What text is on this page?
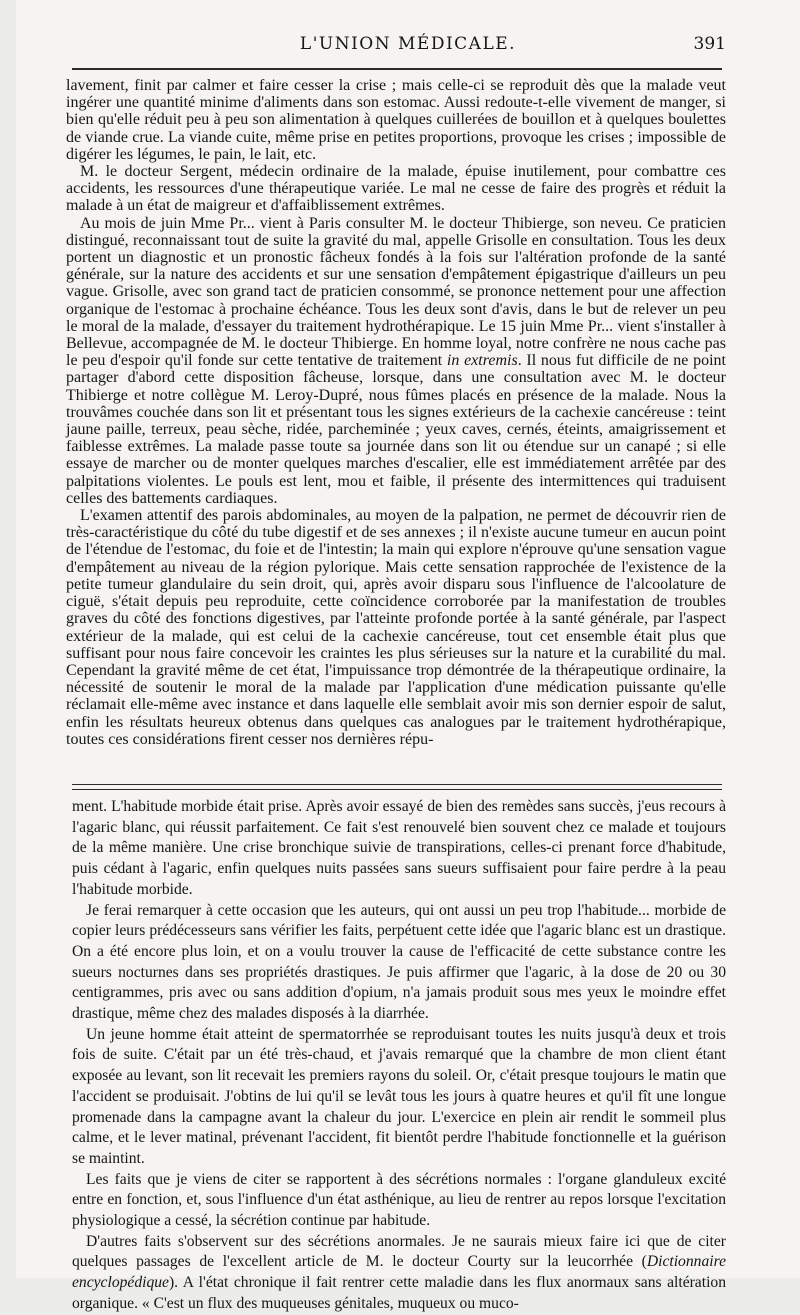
L'UNION MÉDICALE.	391

lavement, finit par calmer et faire cesser la crise ; mais celle-ci se reproduit dès que la malade veut ingérer une quantité minime d'aliments dans son estomac. Aussi redoute-t-elle vivement de manger, si bien qu'elle réduit peu à peu son alimentation à quelques cuillerées de bouillon et à quelques boulettes de viande crue. La viande cuite, même prise en petites proportions, provoque les crises ; impossible de digérer les légumes, le pain, le lait, etc.

M. le docteur Sergent, médecin ordinaire de la malade, épuise inutilement, pour combattre ces accidents, les ressources d'une thérapeutique variée. Le mal ne cesse de faire des progrès et réduit la malade à un état de maigreur et d'affaiblissement extrêmes.

Au mois de juin Mme Pr... vient à Paris consulter M. le docteur Thibierge, son neveu. Ce praticien distingué, reconnaissant tout de suite la gravité du mal, appelle Grisolle en consultation. Tous les deux portent un diagnostic et un pronostic fâcheux fondés à la fois sur l'altération profonde de la santé générale, sur la nature des accidents et sur une sensation d'empâtement épigastrique d'ailleurs un peu vague. Grisolle, avec son grand tact de praticien consommé, se prononce nettement pour une affection organique de l'estomac à prochaine échéance. Tous les deux sont d'avis, dans le but de relever un peu le moral de la malade, d'essayer du traitement hydrothérapique. Le 15 juin Mme Pr... vient s'installer à Bellevue, accompagnée de M. le docteur Thibierge. En homme loyal, notre confrère ne nous cache pas le peu d'espoir qu'il fonde sur cette tentative de traitement in extremis. Il nous fut difficile de ne point partager d'abord cette disposition fâcheuse, lorsque, dans une consultation avec M. le docteur Thibierge et notre collègue M. Leroy-Dupré, nous fûmes placés en présence de la malade. Nous la trouvâmes couchée dans son lit et présentant tous les signes extérieurs de la cachexie cancéreuse : teint jaune paille, terreux, peau sèche, ridée, parcheminée ; yeux caves, cernés, éteints, amaigrissement et faiblesse extrêmes. La malade passe toute sa journée dans son lit ou étendue sur un canapé ; si elle essaye de marcher ou de monter quelques marches d'escalier, elle est immédiatement arrêtée par des palpitations violentes. Le pouls est lent, mou et faible, il présente des intermittences qui traduisent celles des battements cardiaques.

L'examen attentif des parois abdominales, au moyen de la palpation, ne permet de découvrir rien de très-caractéristique du côté du tube digestif et de ses annexes ; il n'existe aucune tumeur en aucun point de l'étendue de l'estomac, du foie et de l'intestin; la main qui explore n'éprouve qu'une sensation vague d'empâtement au niveau de la région pylorique. Mais cette sensation rapprochée de l'existence de la petite tumeur glandulaire du sein droit, qui, après avoir disparu sous l'influence de l'alcoolature de ciguë, s'était depuis peu reproduite, cette coïncidence corroborée par la manifestation de troubles graves du côté des fonctions digestives, par l'atteinte profonde portée à la santé générale, par l'aspect extérieur de la malade, qui est celui de la cachexie cancéreuse, tout cet ensemble était plus que suffisant pour nous faire concevoir les craintes les plus sérieuses sur la nature et la curabilité du mal. Cependant la gravité même de cet état, l'impuissance trop démontrée de la thérapeutique ordinaire, la nécessité de soutenir le moral de la malade par l'application d'une médication puissante qu'elle réclamait elle-même avec instance et dans laquelle elle semblait avoir mis son dernier espoir de salut, enfin les résultats heureux obtenus dans quelques cas analogues par le traitement hydrothérapique, toutes ces considérations firent cesser nos dernières répu-

ment. L'habitude morbide était prise. Après avoir essayé de bien des remèdes sans succès, j'eus recours à l'agaric blanc, qui réussit parfaitement. Ce fait s'est renouvelé bien souvent chez ce malade et toujours de la même manière. Une crise bronchique suivie de transpirations, celles-ci prenant force d'habitude, puis cédant à l'agaric, enfin quelques nuits passées sans sueurs suffisaient pour faire perdre à la peau l'habitude morbide.

Je ferai remarquer à cette occasion que les auteurs, qui ont aussi un peu trop l'habitude... morbide de copier leurs prédécesseurs sans vérifier les faits, perpétuent cette idée que l'agaric blanc est un drastique. On a été encore plus loin, et on a voulu trouver la cause de l'efficacité de cette substance contre les sueurs nocturnes dans ses propriétés drastiques. Je puis affirmer que l'agaric, à la dose de 20 ou 30 centigrammes, pris avec ou sans addition d'opium, n'a jamais produit sous mes yeux le moindre effet drastique, même chez des malades disposés à la diarrhée.

Un jeune homme était atteint de spermatorrhée se reproduisant toutes les nuits jusqu'à deux et trois fois de suite. C'était par un été très-chaud, et j'avais remarqué que la chambre de mon client étant exposée au levant, son lit recevait les premiers rayons du soleil. Or, c'était presque toujours le matin que l'accident se produisait. J'obtins de lui qu'il se levât tous les jours à quatre heures et qu'il fît une longue promenade dans la campagne avant la chaleur du jour. L'exercice en plein air rendit le sommeil plus calme, et le lever matinal, prévenant l'accident, fit bientôt perdre l'habitude fonctionnelle et la guérison se maintint.

Les faits que je viens de citer se rapportent à des sécrétions normales : l'organe glanduleux excité entre en fonction, et, sous l'influence d'un état asthénique, au lieu de rentrer au repos lorsque l'excitation physiologique a cessé, la sécrétion continue par habitude.

D'autres faits s'observent sur des sécrétions anormales. Je ne saurais mieux faire ici que de citer quelques passages de l'excellent article de M. le docteur Courty sur la leucorrhée (Dictionnaire encyclopédique). A l'état chronique il fait rentrer cette maladie dans les flux anormaux sans altération organique. « C'est un flux des muqueuses génitales, muqueux ou muco-
